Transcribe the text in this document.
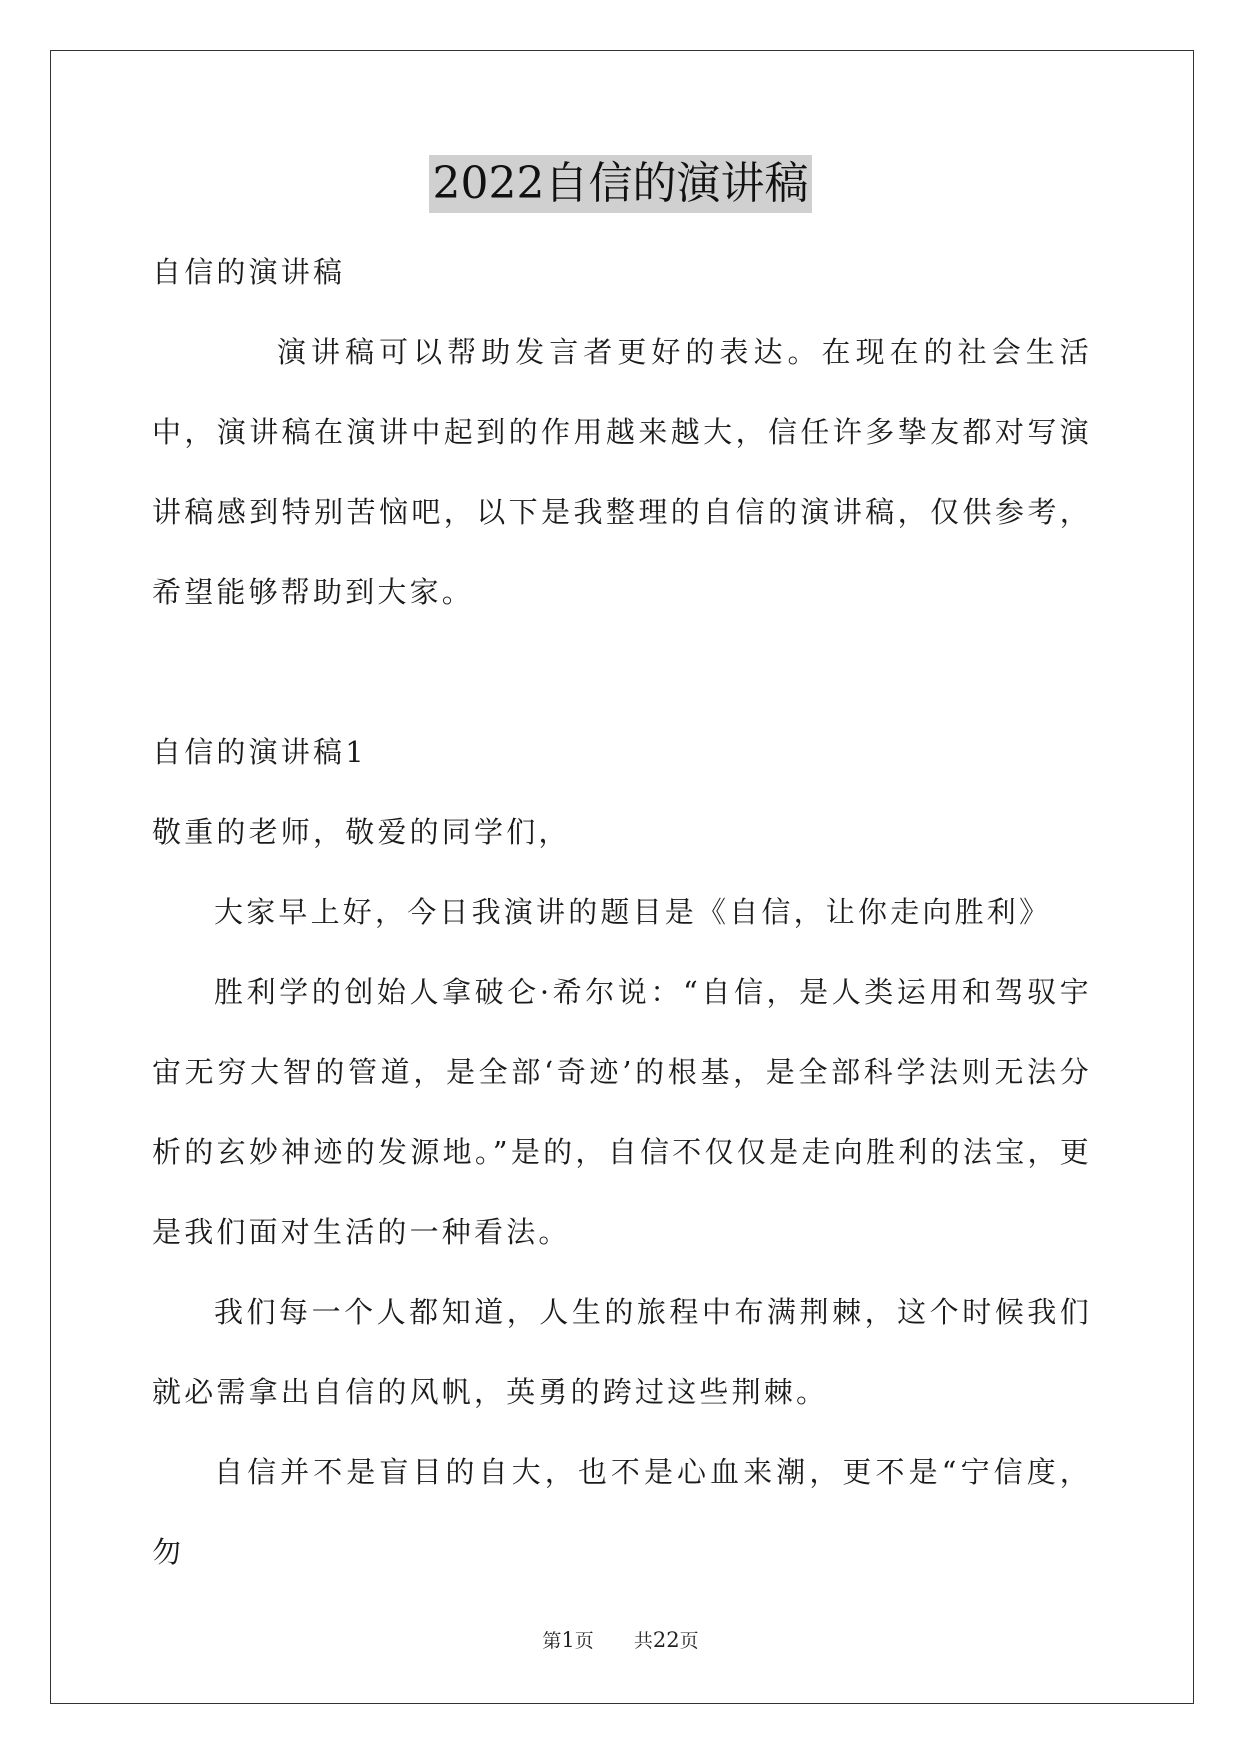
2022自信的演讲稿

自信的演讲稿

演讲稿可以帮助发言者更好的表达。在现在的社会生活中，演讲稿在演讲中起到的作用越来越大，信任许多挚友都对写演讲稿感到特别苦恼吧，以下是我整理的自信的演讲稿，仅供参考，希望能够帮助到大家。

自信的演讲稿1

敬重的老师，敬爱的同学们，

大家早上好，今日我演讲的题目是《自信，让你走向胜利》

胜利学的创始人拿破仑·希尔说：“自信，是人类运用和驾驭宇宙无穷大智的管道，是全部‘奇迹’的根基，是全部科学法则无法分析的玄妙神迹的发源地。”是的，自信不仅仅是走向胜利的法宝，更是我们面对生活的一种看法。

我们每一个人都知道，人生的旅程中布满荆棘，这个时候我们就必需拿出自信的风帆，英勇的跨过这些荆棘。

自信并不是盲目的自大，也不是心血来潮，更不是“宁信度，勿

第1页 共22页
